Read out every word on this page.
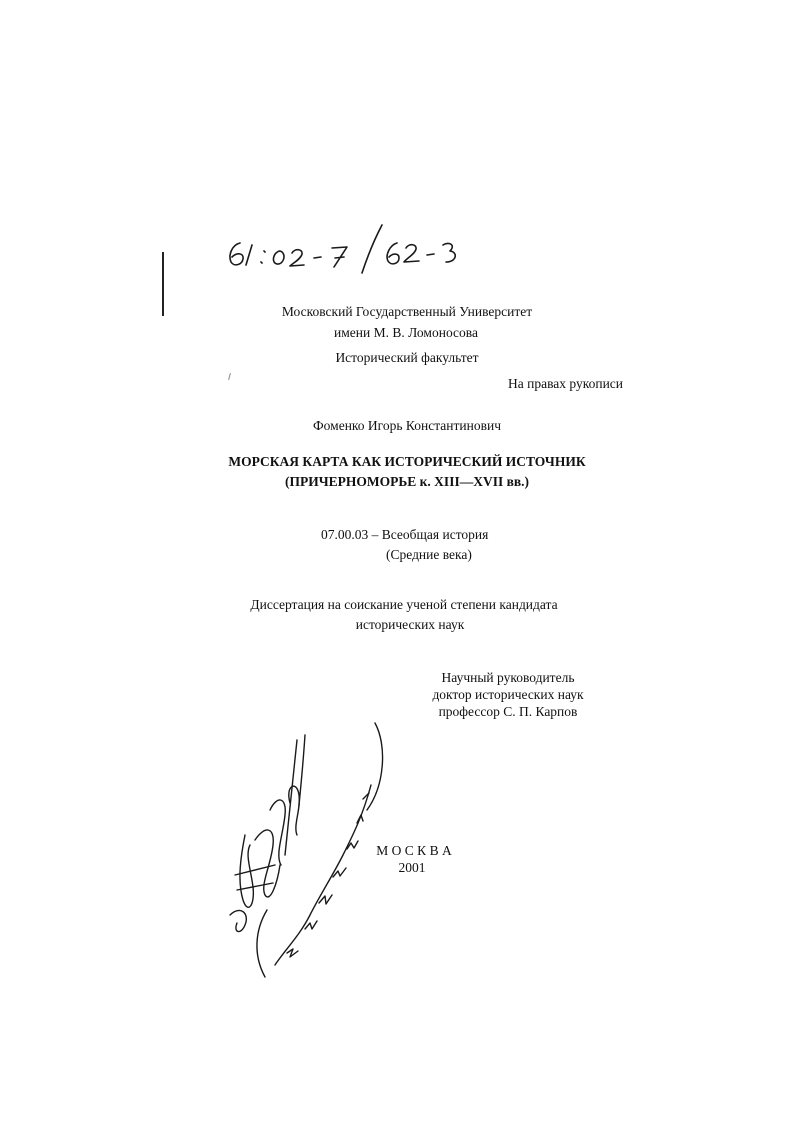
Московский Государственный Университет
имени М. В. Ломоносова
Исторический факультет
На правах рукописи
Фоменко Игорь Константинович
МОРСКАЯ КАРТА КАК ИСТОРИЧЕСКИЙ ИСТОЧНИК
(ПРИЧЕРНОМОРЬЕ к. XIII—XVII вв.)
07.00.03 – Всеобщая история
(Средние века)
Диссертация на соискание ученой степени кандидата
исторических наук
Научный руководитель
доктор исторических наук
профессор С. П. Карпов
М О С К В А
2001
